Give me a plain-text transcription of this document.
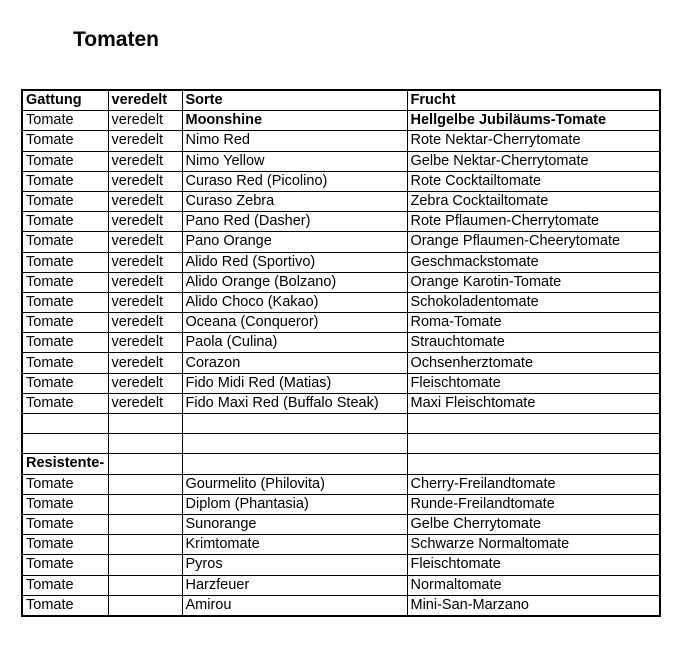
Tomaten
Gattung	veredelt	Sorte	Frucht
Tomate	veredelt	Moonshine	Hellgelbe Jubiläums-Tomate
Tomate	veredelt	Nimo Red	Rote Nektar-Cherrytomate
Tomate	veredelt	Nimo Yellow	Gelbe Nektar-Cherrytomate
Tomate	veredelt	Curaso Red (Picolino)	Rote Cocktailtomate
Tomate	veredelt	Curaso Zebra	Zebra Cocktailtomate
Tomate	veredelt	Pano Red (Dasher)	Rote Pflaumen-Cherrytomate
Tomate	veredelt	Pano Orange	Orange Pflaumen-Cheerytomate
Tomate	veredelt	Alido Red (Sportivo)	Geschmackstomate
Tomate	veredelt	Alido Orange (Bolzano)	Orange Karotin-Tomate
Tomate	veredelt	Alido Choco (Kakao)	Schokoladentomate
Tomate	veredelt	Oceana (Conqueror)	Roma-Tomate
Tomate	veredelt	Paola (Culina)	Strauchtomate
Tomate	veredelt	Corazon	Ochsenherztomate
Tomate	veredelt	Fido Midi Red (Matias)	Fleischtomate
Tomate	veredelt	Fido Maxi Red (Buffalo Steak)	Maxi Fleischtomate

Resistente-			
Tomate		Gourmelito (Philovita)	Cherry-Freilandtomate
Tomate		Diplom (Phantasia)	Runde-Freilandtomate
Tomate		Sunorange	Gelbe Cherrytomate
Tomate		Krimtomate	Schwarze Normaltomate
Tomate		Pyros	Fleischtomate
Tomate		Harzfeuer	Normaltomate
Tomate		Amirou	Mini-San-Marzano
